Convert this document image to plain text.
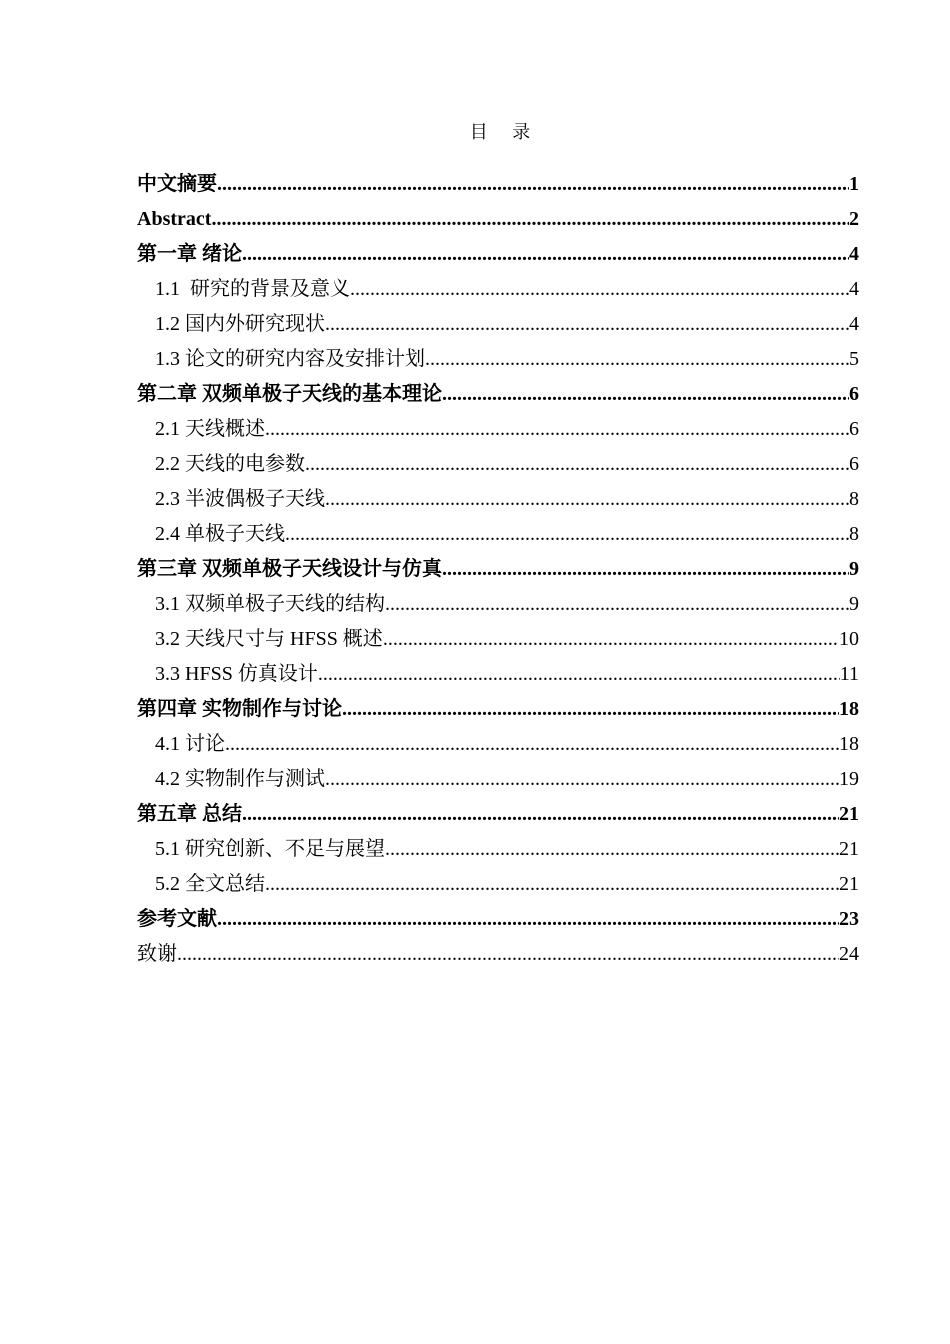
目 录
中文摘要 .....	1
Abstract .....	2
第一章 绪论 .....	4
1.1  研究的背景及意义 .....	4
1.2 国内外研究现状 .....	4
1.3 论文的研究内容及安排计划 .....	5
第二章 双频单极子天线的基本理论 .....	6
2.1 天线概述 .....	6
2.2 天线的电参数 .....	6
2.3 半波偶极子天线 .....	8
2.4 单极子天线 .....	8
第三章 双频单极子天线设计与仿真 .....	9
3.1 双频单极子天线的结构 .....	9
3.2 天线尺寸与 HFSS 概述 .....	10
3.3 HFSS 仿真设计 .....	11
第四章 实物制作与讨论 .....	18
4.1 讨论 .....	18
4.2 实物制作与测试 .....	19
第五章 总结 .....	21
5.1 研究创新、不足与展望 .....	21
5.2 全文总结 .....	21
参考文献 .....	23
致谢 .....	24
